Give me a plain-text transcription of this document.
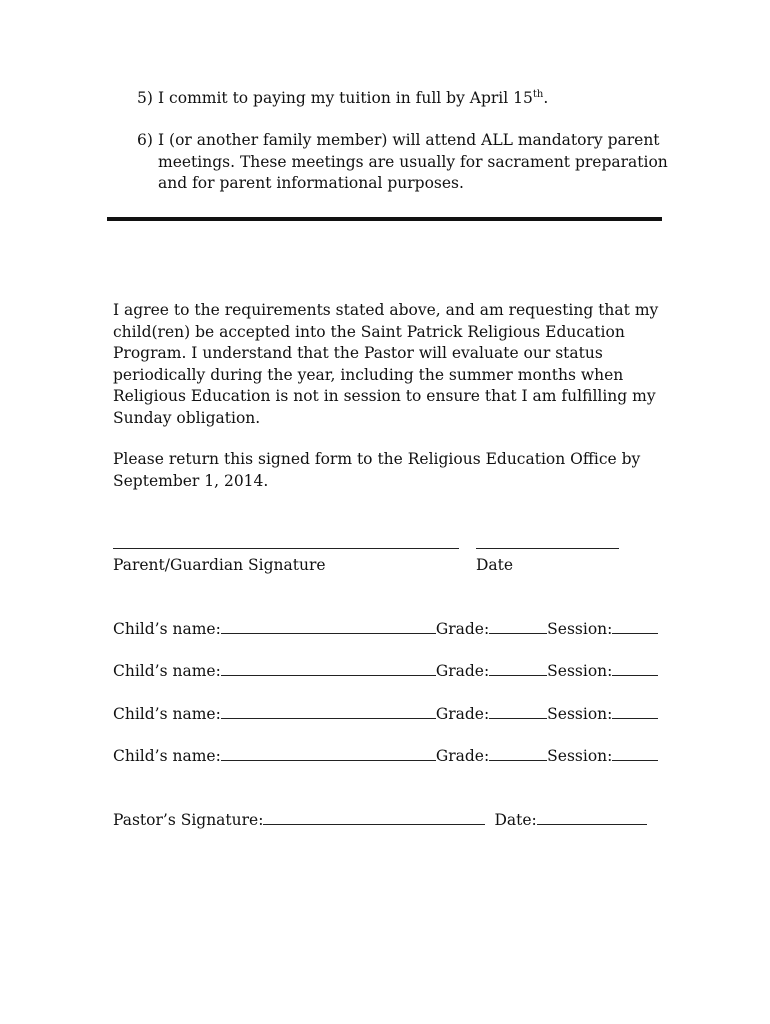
5) I commit to paying my tuition in full by April 15th.
6) I (or another family member) will attend ALL mandatory parent
meetings. These meetings are usually for sacrament preparation
and for parent informational purposes.
I agree to the requirements stated above, and am requesting that my
child(ren) be accepted into the Saint Patrick Religious Education
Program. I understand that the Pastor will evaluate our status
periodically during the year, including the summer months when
Religious Education is not in session to ensure that I am fulfilling my
Sunday obligation.
Please return this signed form to the Religious Education Office by
September 1, 2014.
Parent/Guardian Signature	Date
Child’s name:	Grade:	Session:
Child’s name:	Grade:	Session:
Child’s name:	Grade:	Session:
Child’s name:	Grade:	Session:
Pastor’s Signature:	Date:
